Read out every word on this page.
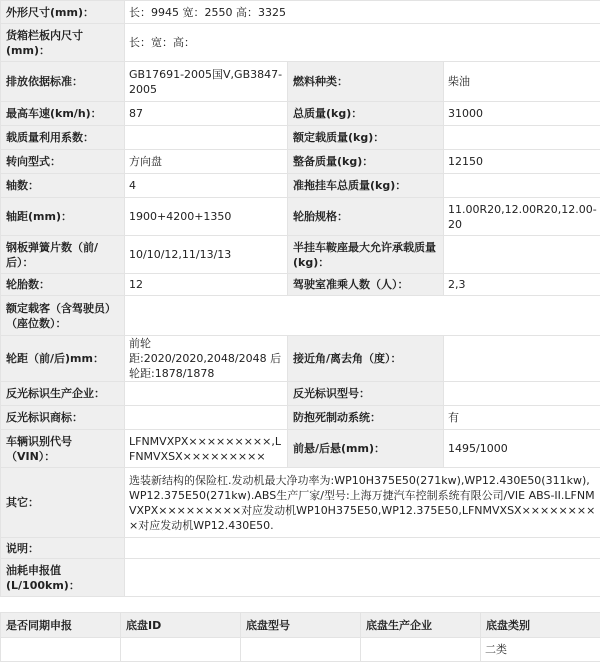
外形尺寸(mm)：	长：9945 宽：2550 高：3325		
货箱栏板内尺寸(mm)：	长：宽：高：		
排放依据标准：	GB17691-2005国Ⅴ,GB3847-2005	燃料种类：	柴油
最高车速(km/h)：	87	总质量(kg)：	31000
载质量利用系数：		额定载质量(kg)：	
转向型式：	方向盘	整备质量(kg)：	12150
轴数：	4	准拖挂车总质量(kg)：	
轴距(mm)：	1900+4200+1350	轮胎规格：	11.00R20,12.00R20,12.00-20
钢板弹簧片数（前/后）：	10/10/12,11/13/13	半挂车鞍座最大允许承载质量(kg)：	
轮胎数：	12	驾驶室准乘人数（人）：	2,3
额定载客（含驾驶员）（座位数）：			
轮距（前/后)mm：	前轮距:2020/2020,2048/2048 后轮距:1878/1878	接近角/离去角（度）：	
反光标识生产企业：		反光标识型号：	
反光标识商标：		防抱死制动系统：	有
车辆识别代号（VIN）：	LFNMVXPX×××××××××,LFNMVXSX×××××××××	前悬/后悬(mm)：	1495/1000
其它：	选装新结构的保险杠.发动机最大净功率为:WP10H375E50(271kw),WP12.430E50(311kw),WP12.375E50(271kw).ABS生产厂家/型号:上海万捷汽车控制系统有限公司/VIE ABS-II.LFNMVXPX×××××××××对应发动机WP10H375E50,WP12.375E50,LFNMVXSX×××××××××对应发动机WP12.430E50.		
说明：			
油耗申报值(L/100km)：			
是否同期申报	底盘ID	底盘型号	底盘生产企业	底盘类别
				二类
